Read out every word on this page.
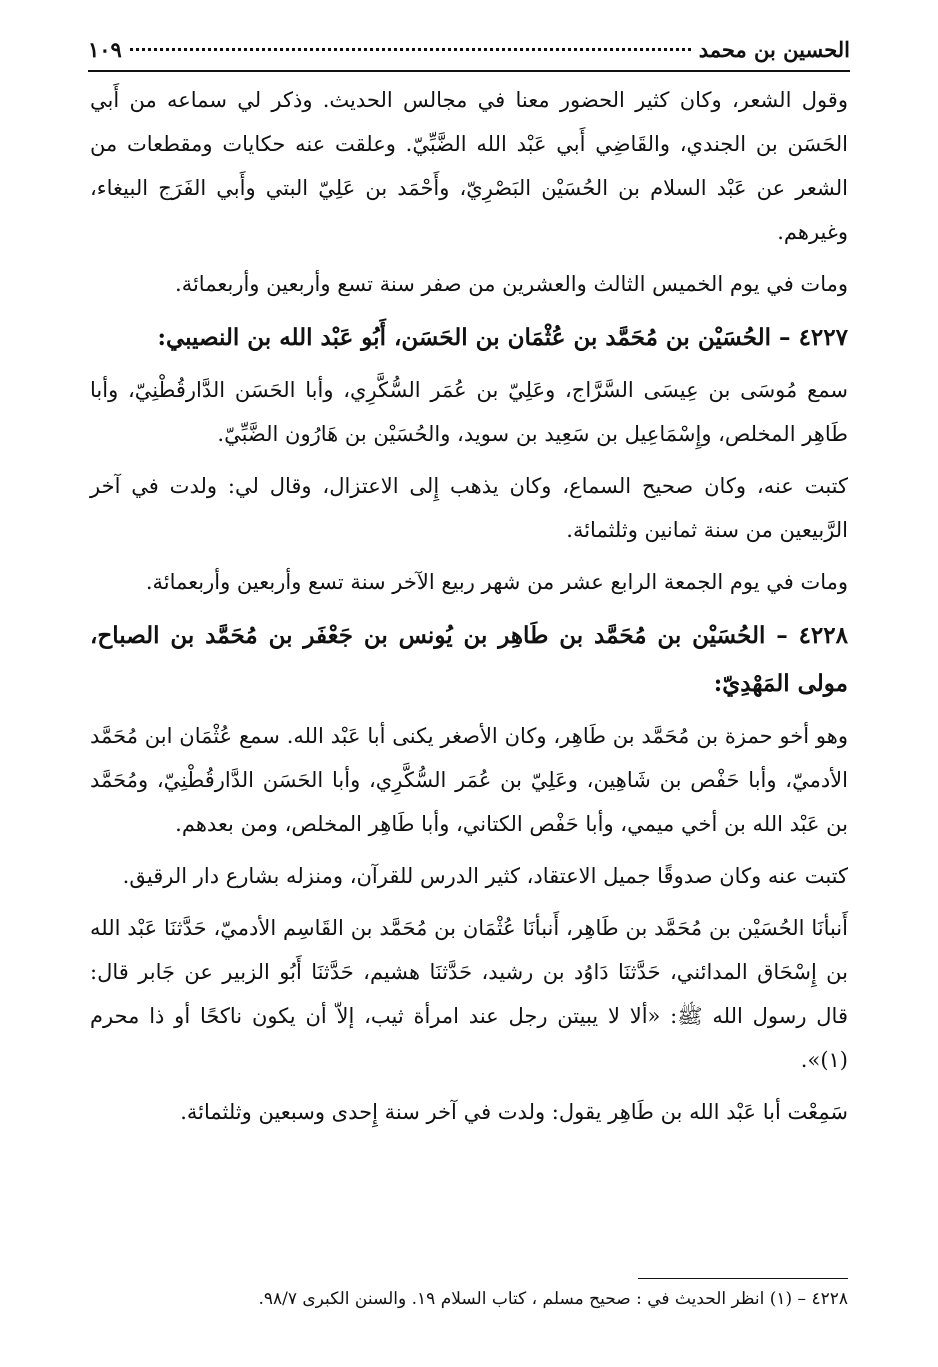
الحسين بن محمد
١٠٩

وقول الشعر، وكان كثير الحضور معنا في مجالس الحديث. وذكر لي سماعه من أَبي الحَسَن بن الجندي، والقَاضِي أَبي عَبْد الله الضَّبِّيّ. وعلقت عنه حكايات ومقطعات من الشعر عن عَبْد السلام بن الحُسَيْن البَصْرِيّ، وأَحْمَد بن عَلِيّ البتي وأَبي الفَرَج البيغاء، وغيرهم.

ومات في يوم الخميس الثالث والعشرين من صفر سنة تسع وأربعين وأربعمائة.

٤٢٢٧ – الحُسَيْن بن مُحَمَّد بن عُثْمَان بن الحَسَن، أَبُو عَبْد الله بن النصيبي:

سمع مُوسَى بن عِيسَى السَّرَّاج، وعَلِيّ بن عُمَر السُّكَّرِي، وأبا الحَسَن الدَّارقُطْنِيّ، وأبا طَاهِر المخلص، وإِسْمَاعِيل بن سَعِيد بن سويد، والحُسَيْن بن هَارُون الضَّبِّيّ.

كتبت عنه، وكان صحيح السماع، وكان يذهب إِلى الاعتزال، وقال لي: ولدت في آخر الرَّبيعين من سنة ثمانين وثلثمائة.

ومات في يوم الجمعة الرابع عشر من شهر ربيع الآخر سنة تسع وأربعين وأربعمائة.

٤٢٢٨ – الحُسَيْن بن مُحَمَّد بن طَاهِر بن يُونس بن جَعْفَر بن مُحَمَّد بن الصباح، مولى المَهْدِيّ:

وهو أخو حمزة بن مُحَمَّد بن طَاهِر، وكان الأصغر يكنى أبا عَبْد الله. سمع عُثْمَان ابن مُحَمَّد الأدميّ، وأبا حَفْص بن شَاهِين، وعَلِيّ بن عُمَر السُّكَّرِي، وأبا الحَسَن الدَّارقُطْنِيّ، ومُحَمَّد بن عَبْد الله بن أخي ميمي، وأبا حَفْص الكتاني، وأبا طَاهِر المخلص، ومن بعدهم.

كتبت عنه وكان صدوقًا جميل الاعتقاد، كثير الدرس للقرآن، ومنزله بشارع دار الرقيق.

أَنبأنَا الحُسَيْن بن مُحَمَّد بن طَاهِر، أَنبأنَا عُثْمَان بن مُحَمَّد بن القَاسِم الأدميّ، حَدَّثنَا عَبْد الله بن إِسْحَاق المدائني، حَدَّثنَا دَاوُد بن رشيد، حَدَّثنَا هشيم، حَدَّثنَا أَبُو الزبير عن جَابر قال: قال رسول الله ﷺ: «ألا لا يبيتن رجل عند امرأة ثيب، إلاّ أن يكون ناكحًا أو ذا محرم (١)».

سَمِعْت أبا عَبْد الله بن طَاهِر يقول: ولدت في آخر سنة إِحدى وسبعين وثلثمائة.

٤٢٢٨ – (١) انظر الحديث في : صحيح مسلم ، كتاب السلام ١٩. والسنن الكبرى ٩٨/٧.
